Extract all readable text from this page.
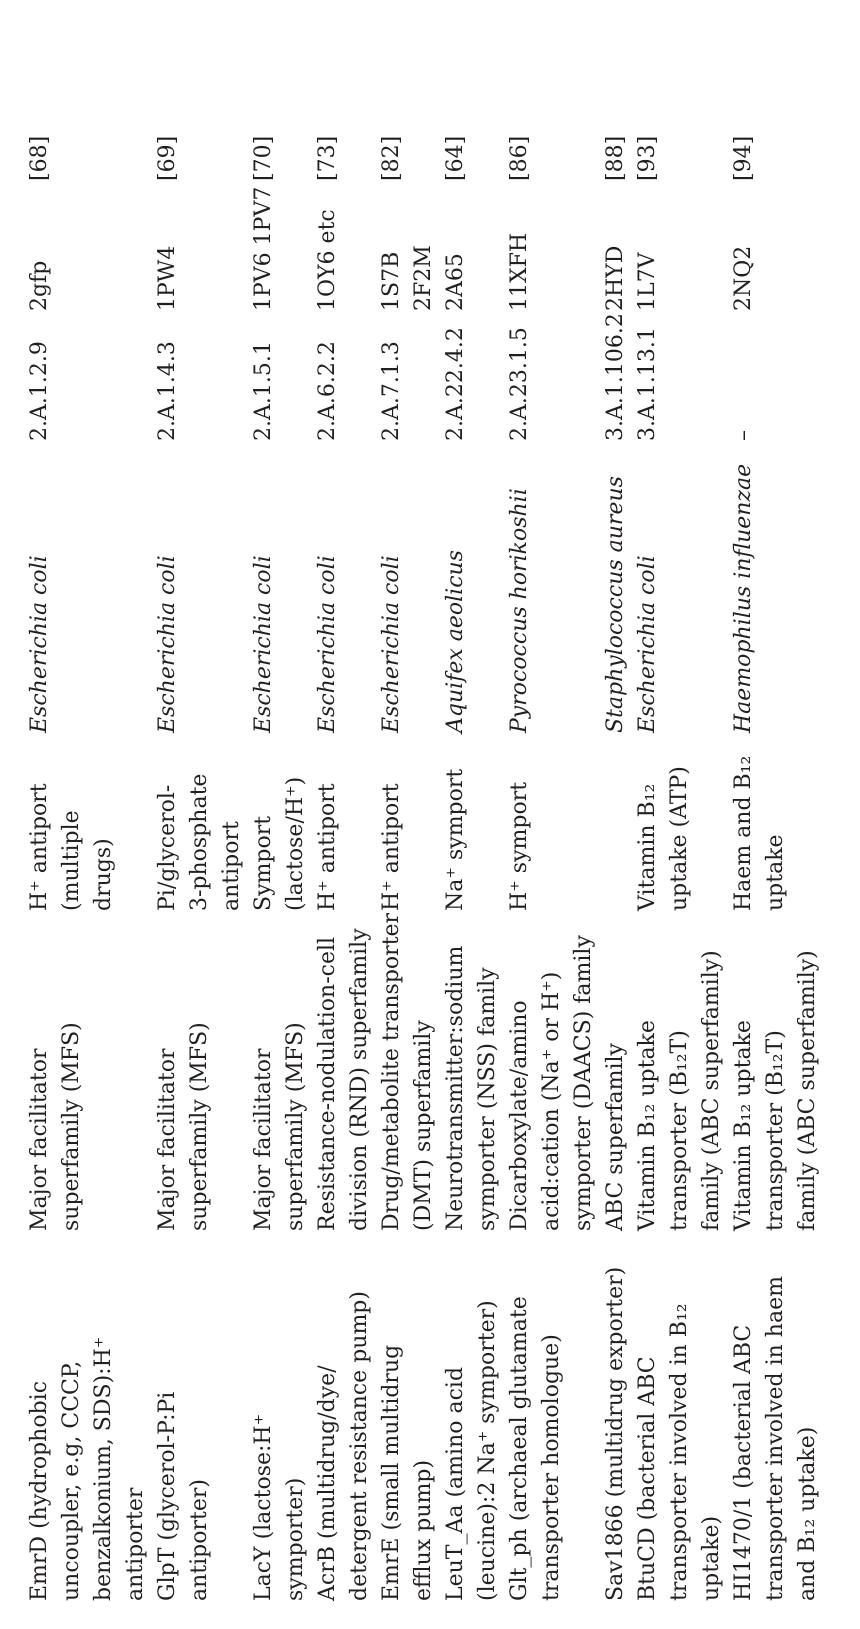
EmrD (hydrophobic
uncoupler, e.g, CCCP,
benzalkonium, SDS):H⁺
antiporter	Major facilitator
superfamily (MFS)	H⁺ antiport
(multiple drugs)	Escherichia coli	2.A.1.2.9	2gfp	[68]
GlpT (glycerol-P:Pi
antiporter)	Major facilitator
superfamily (MFS)	Pi/glycerol-
3-phosphate
antiport	Escherichia coli	2.A.1.4.3	1PW4	[69]
LacY (lactose:H⁺
symporter)	Major facilitator
superfamily (MFS)	Symport
(lactose/H⁺)	Escherichia coli	2.A.1.5.1	1PV6 1PV7	[70]
AcrB (multidrug/dye/
detergent resistance pump)	Resistance-nodulation-cell
division (RND) superfamily	H⁺ antiport	Escherichia coli	2.A.6.2.2	1OY6 etc	[73]
EmrE (small multidrug
efflux pump)	Drug/metabolite transporter
(DMT) superfamily	H⁺ antiport	Escherichia coli	2.A.7.1.3	1S7B 2F2M	[82]
LeuT_Aa (amino acid
(leucine):2 Na⁺ symporter)	Neurotransmitter:sodium
symporter (NSS) family	Na⁺ symport	Aquifex aeolicus	2.A.22.4.2	2A65	[64]
Glt_ph (archaeal glutamate
transporter homologue)	Dicarboxylate/amino
acid:cation (Na⁺ or H⁺)
symporter (DAACS) family	H⁺ symport	Pyrococcus horikoshii	2.A.23.1.5	11XFH	[86]
Sav1866 (multidrug exporter)	ABC superfamily		Staphylococcus aureus	3.A.1.106.2	2HYD	[88]
BtuCD (bacterial ABC
transporter involved in B₁₂
uptake)	Vitamin B₁₂ uptake
transporter (B₁₂T)
family (ABC superfamily)	Vitamin B₁₂
uptake (ATP)	Escherichia coli	3.A.1.13.1	1L7V	[93]
HI1470/1 (bacterial ABC
transporter involved in haem
and B₁₂ uptake)	Vitamin B₁₂ uptake
transporter (B₁₂T)
family (ABC superfamily)	Haem and B₁₂
uptake	Haemophilus influenzae	–	2NQ2	[94]
